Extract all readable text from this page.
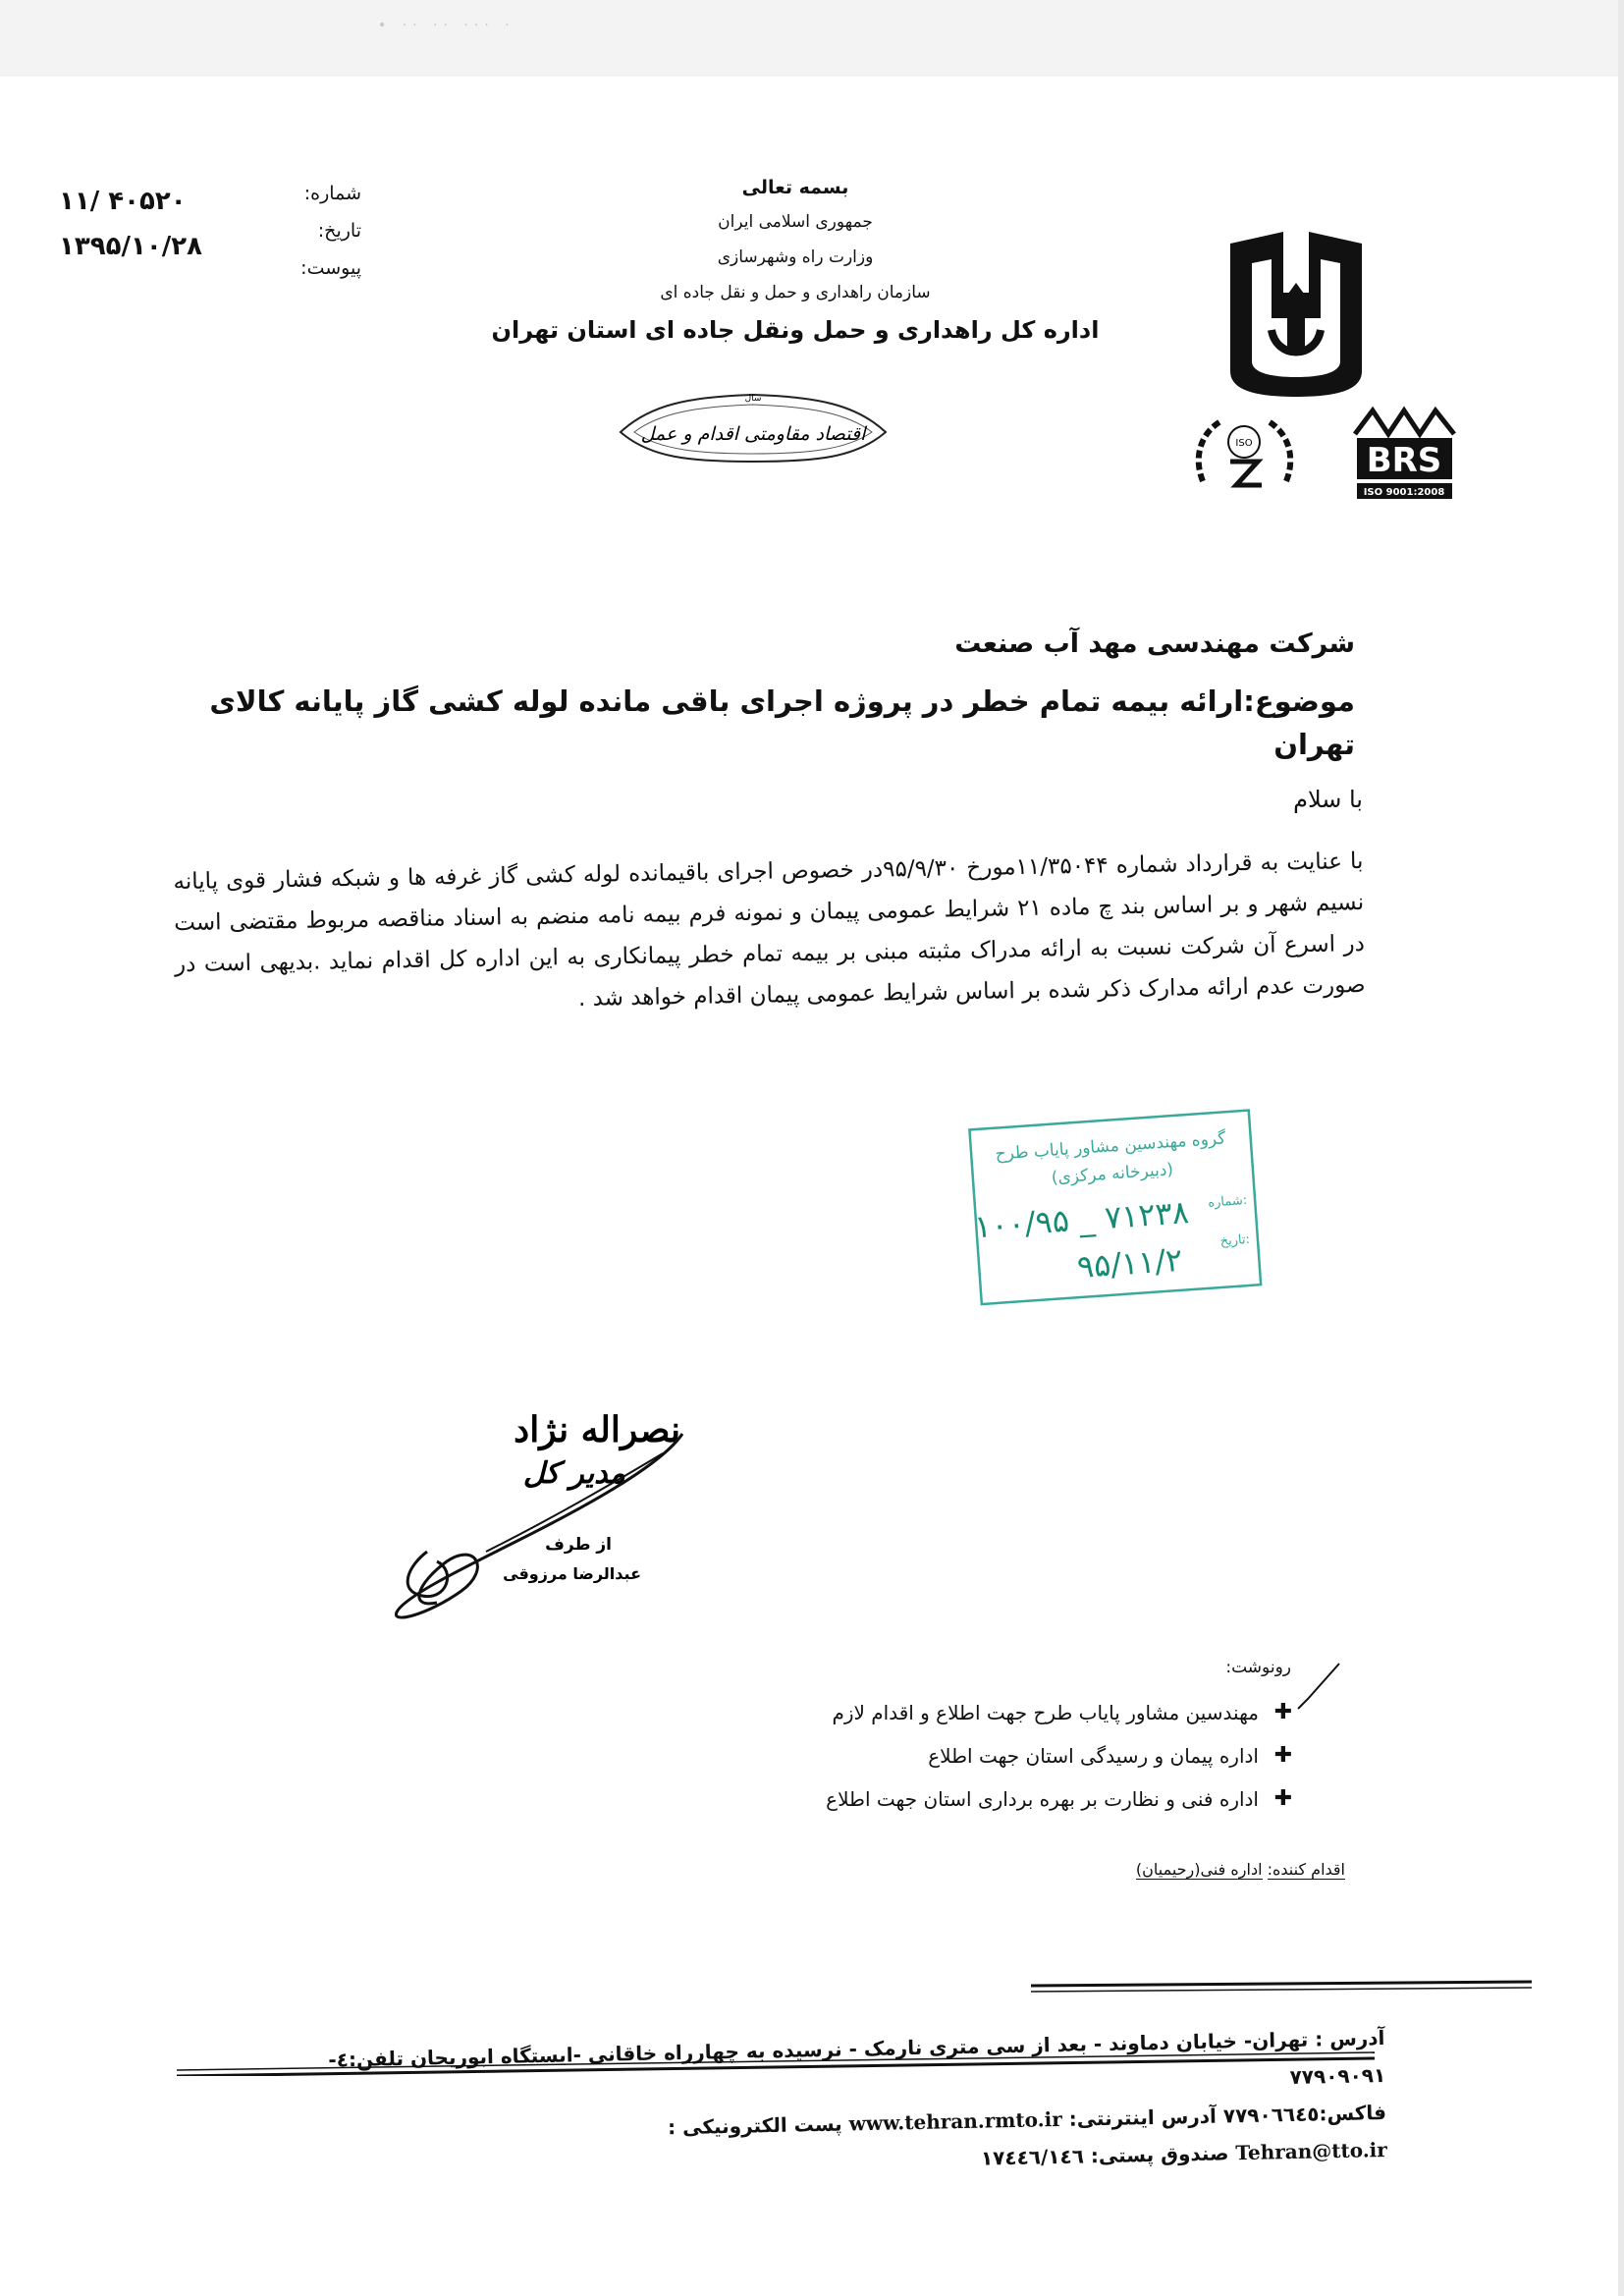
• ·· ·· ··· ·
شماره:
تاریخ:
پیوست:
۱۱/ ۴۰۵۲۰
۱۳۹۵/۱۰/۲۸
بسمه تعالی
جمهوری اسلامی ایران
وزارت راه وشهرسازی
سازمان راهداری و حمل و نقل جاده ای
اداره کل راهداری و حمل ونقل جاده ای استان تهران
سال
اقتصاد مقاومتی اقدام و عمل	ISO	BRS
ISO 9001:2008
شرکت مهندسی مهد آب صنعت
موضوع:ارائه بیمه تمام خطر در پروژه اجرای باقی مانده لوله کشی گاز پایانه کالای تهران
با سلام
با عنایت به قرارداد شماره ۱۱/۳۵۰۴۴مورخ ۹۵/۹/۳۰در خصوص اجرای باقیمانده لوله کشی گاز غرفه ها و شبکه فشار قوی پایانه نسیم شهر و بر اساس بند چ ماده ۲۱ شرایط عمومی پیمان و نمونه فرم بیمه نامه منضم به اسناد مناقصه مربوط مقتضی است در اسرع آن شرکت نسبت به ارائه مدراک مثبته مبنی بر بیمه تمام خطر پیمانکاری به این اداره کل اقدام نماید .بدیهی است در صورت عدم ارائه مدارک ذکر شده بر اساس شرایط عمومی پیمان اقدام خواهد شد .
گروه مهندسین مشاور پایاب طرح
(دبیرخانه مرکزی)
شماره:
تاریخ:
۱۰۰/۹۵ _ ۷۱۲۳۸
۹۵/۱۱/۲
نصراله نژاد
مدیر کل
از طرف
عبدالرضا مرزوقی
رونوشت:
✚
مهندسین مشاور پایاب طرح جهت اطلاع و اقدام لازم
✚
اداره پیمان و رسیدگی استان جهت اطلاع
✚
اداره فنی و نظارت بر بهره برداری استان جهت اطلاع
اقدام کننده: اداره فنی(رحیمیان)
آدرس : تهران- خیابان دماوند - بعد از سی متری نارمک - نرسیده به چهارراه خاقانی -ایستگاه ابوریحان تلفن:٤- ۷۷۹۰۹۰۹۱
فاکس:۷۷۹۰٦٦٤٥ آدرس اینترنتی: www.tehran.rmto.ir پست الکترونیکی :
Tehran@tto.ir صندوق پستی: ۱۷٤٤٦/۱٤٦
